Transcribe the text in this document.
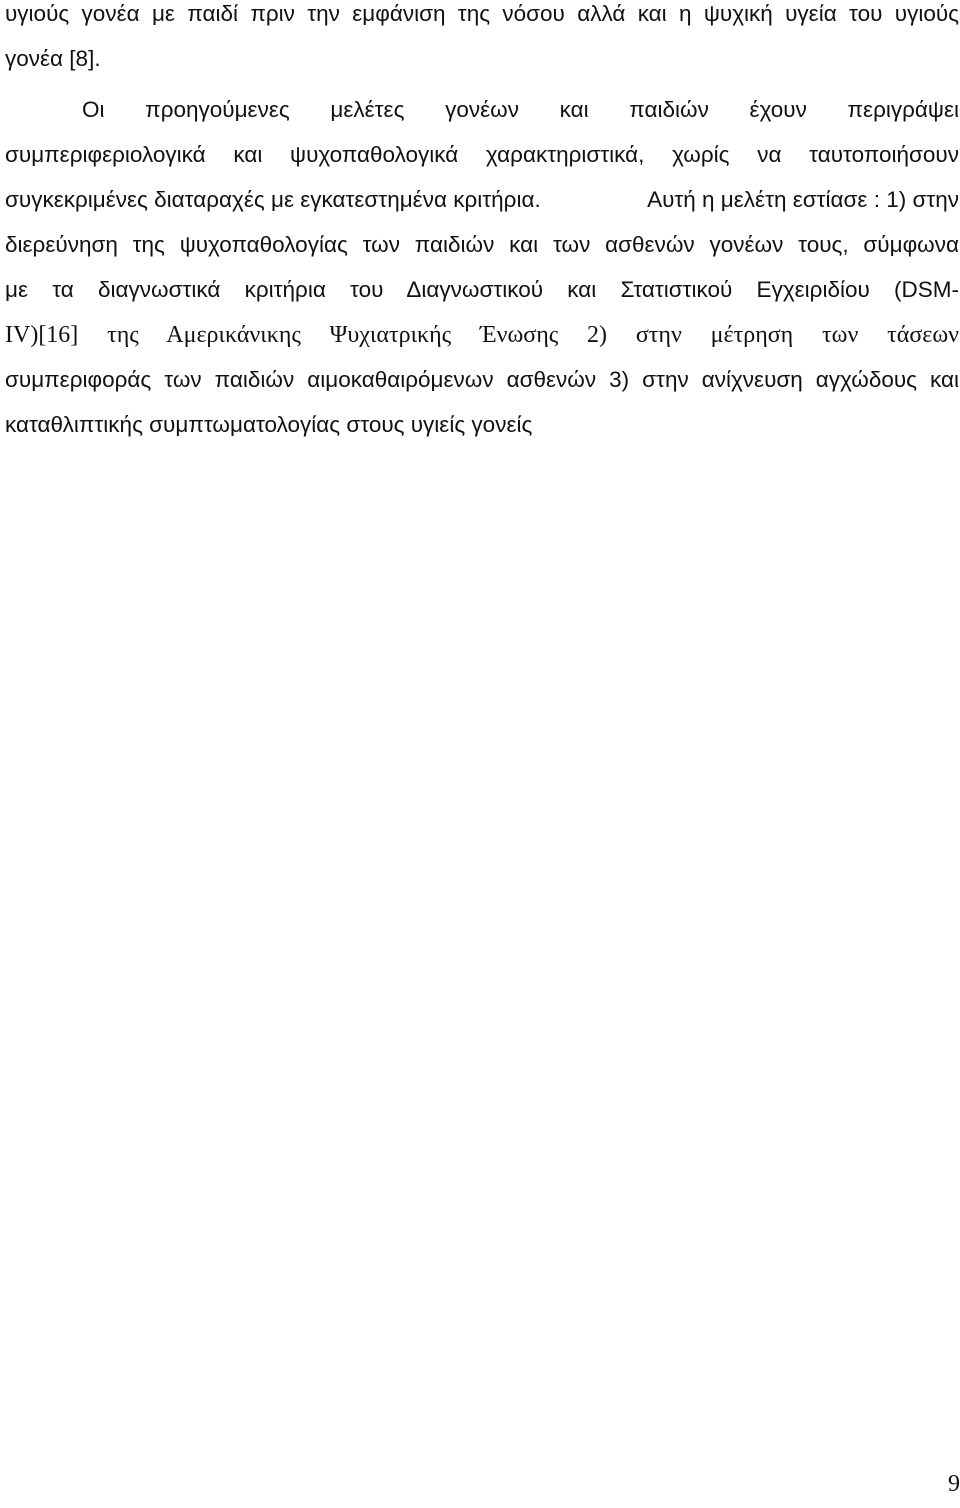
υγιούς γονέα με παιδί πριν την εμφάνιση της νόσου αλλά και η ψυχική υγεία του υγιούς
γονέα [8].
Οι προηγούμενες μελέτες γονέων και παιδιών έχουν περιγράψει
συμπεριφεριολογικά και ψυχοπαθολογικά χαρακτηριστικά, χωρίς να ταυτοποιήσουν
συγκεκριμένες διαταραχές με εγκατεστημένα κριτήρια.	Αυτή η μελέτη εστίασε : 1) στην
διερεύνηση της ψυχοπαθολογίας των παιδιών και των ασθενών γονέων τους, σύμφωνα
με τα διαγνωστικά κριτήρια του Διαγνωστικού και Στατιστικού Εγχειριδίου (DSM-
IV)[16] της Αμερικάνικης Ψυχιατρικής Ένωσης 2) στην μέτρηση των τάσεων
συμπεριφοράς των παιδιών αιμοκαθαιρόμενων ασθενών 3) στην ανίχνευση αγχώδους και
καταθλιπτικής συμπτωματολογίας στους υγιείς γονείς
9
